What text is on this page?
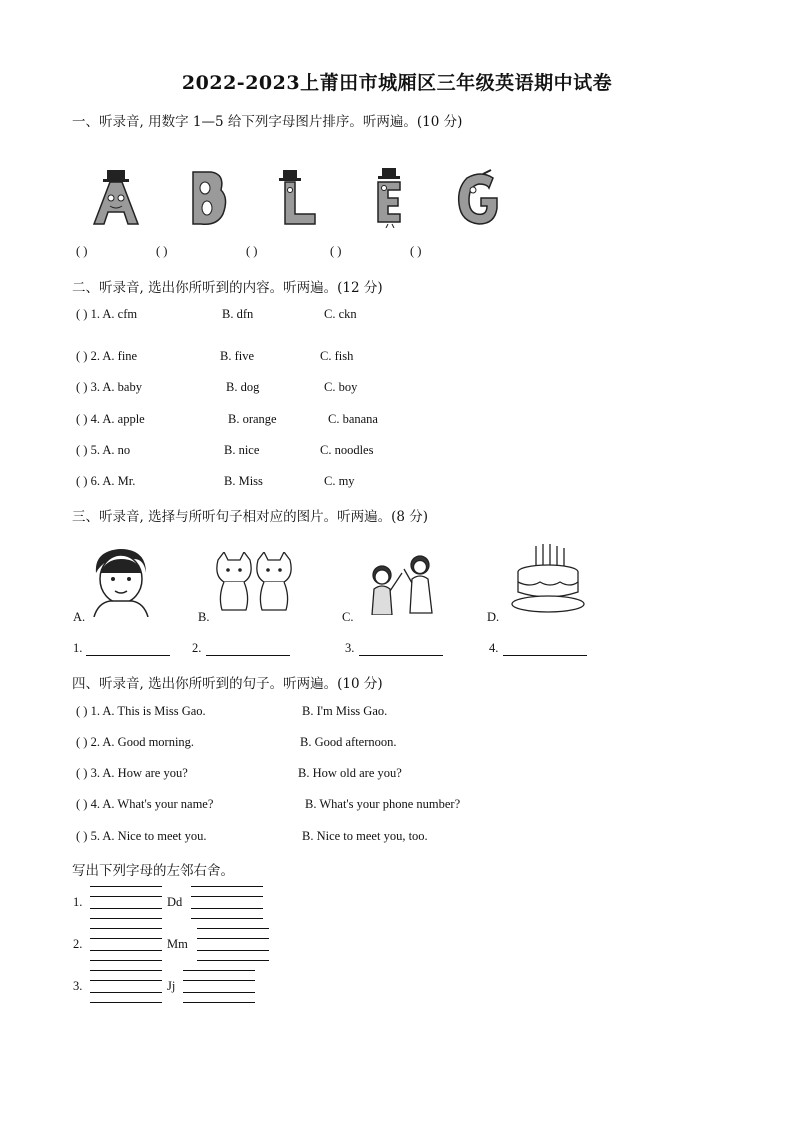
2022-2023上莆田市城厢区三年级英语期中试卷
一、听录音, 用数字 1—5 给下列字母图片排序。听两遍。(10 分)
( )	( )	( )	( )	( )
二、听录音, 选出你所听到的内容。听两遍。(12 分)
( ) 1. A. cfm	B. dfn	C. ckn
( ) 2. A. fine	B. five	C. fish
( ) 3. A. baby	B. dog	C. boy
( ) 4. A. apple	B. orange	C. banana
( ) 5. A. no	B. nice	C. noodles
( ) 6. A. Mr.	B. Miss	C. my
三、听录音, 选择与所听句子相对应的图片。听两遍。(8 分)
A.	B.	C.	D.
1.	2.	3.	4.
四、听录音, 选出你所听到的句子。听两遍。(10 分)
( ) 1. A. This is Miss Gao.	B. I'm Miss Gao.
( ) 2. A. Good morning.	B. Good afternoon.
( ) 3. A. How are you?	B. How old are you?
( ) 4. A. What's your name?	B. What's your phone number?
( ) 5. A. Nice to meet you.	B. Nice to meet you, too.
写出下列字母的左邻右舍。
1.	Dd
2.	Mm
3.	Jj
